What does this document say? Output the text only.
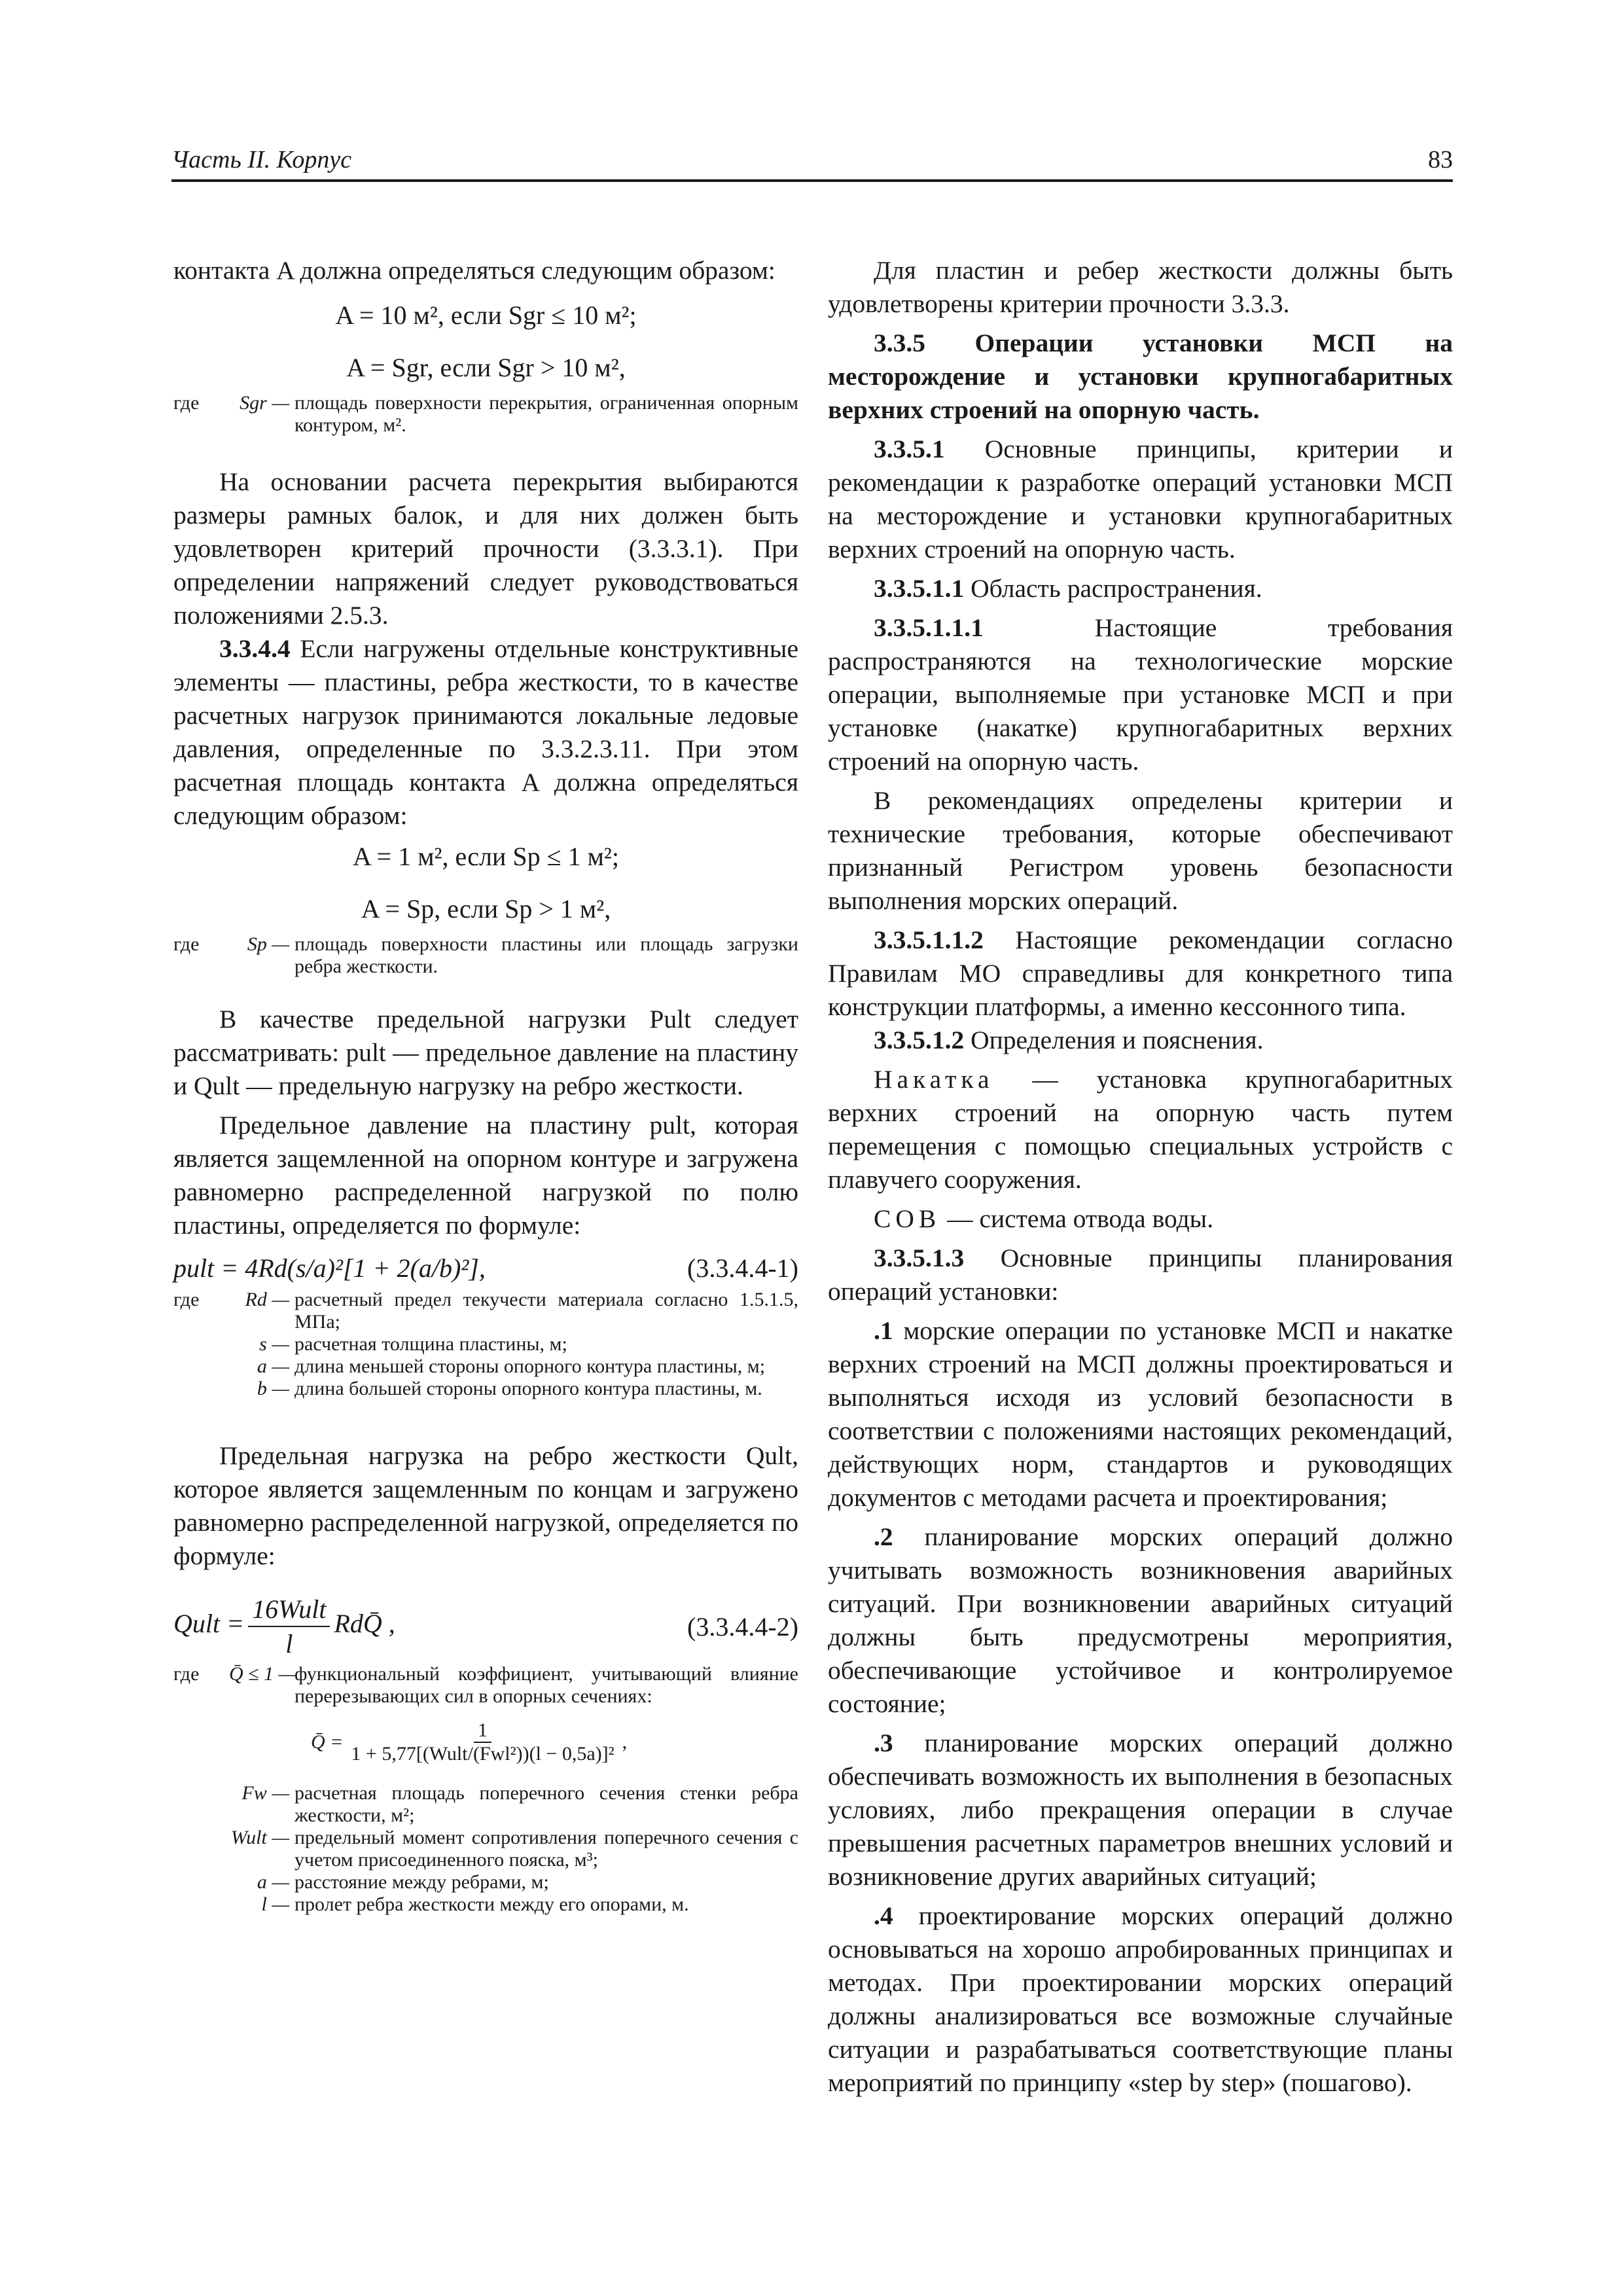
Часть II. Корпус	83

контакта A должна определяться следующим образом:

A = 10 м², если Sgr ≤ 10 м²;

A = Sgr, если Sgr > 10 м²,

где	Sgr — площадь поверхности перекрытия, ограниченная опорным контуром, м².

На основании расчета перекрытия выбираются размеры рамных балок, и для них должен быть удовлетворен критерий прочности (3.3.3.1). При определении напряжений следует руководствоваться положениями 2.5.3.

3.3.4.4 Если нагружены отдельные конструктивные элементы — пластины, ребра жесткости, то в качестве расчетных нагрузок принимаются локальные ледовые давления, определенные по 3.3.2.3.11. При этом расчетная площадь контакта A должна определяться следующим образом:

A = 1 м², если Sp ≤ 1 м²;

A = Sp, если Sp > 1 м²,

где	Sp — площадь поверхности пластины или площадь загрузки ребра жесткости.

В качестве предельной нагрузки Pult следует рассматривать: pult — предельное давление на пластину и Qult — предельную нагрузку на ребро жесткости.

Предельное давление на пластину pult, которая является защемленной на опорном контуре и загружена равномерно распределенной нагрузкой по полю пластины, определяется по формуле:

pult = 4Rd(s/a)²[1 + 2(a/b)²],	(3.3.4.4-1)
где	Rd — расчетный предел текучести материала согласно 1.5.1.5, МПа;
s — расчетная толщина пластины, м;
a — длина меньшей стороны опорного контура пластины, м;
b — длина большей стороны опорного контура пластины, м.

Предельная нагрузка на ребро жесткости Qult, которое является защемленным по концам и загружено равномерно распределенной нагрузкой, определяется по формуле:

Qult = $\frac{\text{16Wult}}{l}$ RdQ̄ ,	(3.3.4.4-2)
где	Q̄ ≤ 1 —
функциональный коэффициент, учитывающий влияние перерезывающих сил в опорных сечениях:
Q̄ = $\frac{1}{\text{1 + 5,77[(Wult/(Fwl²))(l − 0,5a)]²}}$ ,
Fw — расчетная площадь поперечного сечения стенки ребра жесткости, м²;
Wult — предельный момент сопротивления поперечного сечения с учетом присоединенного пояска, м³;
a — расстояние между ребрами, м;
l — пролет ребра жесткости между его опорами, м.

Для пластин и ребер жесткости должны быть удовлетворены критерии прочности 3.3.3.

3.3.5 Операции установки МСП на месторождение и установки крупногабаритных верхних строений на опорную часть.

3.3.5.1 Основные принципы, критерии и рекомендации к разработке операций установки МСП на месторождение и установки крупногабаритных верхних строений на опорную часть.

3.3.5.1.1 Область распространения.

3.3.5.1.1.1	Настоящие требования распространяются на технологические морские операции, выполняемые при установке МСП и при установке (накатке) крупногабаритных верхних строений на опорную часть.

В рекомендациях определены критерии и технические требования, которые обеспечивают признанный Регистром уровень безопасности выполнения морских операций.

3.3.5.1.1.2 Настоящие рекомендации согласно Правилам МО справедливы для конкретного типа конструкции платформы, а именно кессонного типа.

3.3.5.1.2 Определения и пояснения.

Накатка — установка крупногабаритных верхних строений на опорную часть путем перемещения с помощью специальных устройств с плавучего сооружения.

СОВ — система отвода воды.

3.3.5.1.3 Основные принципы планирования операций установки:

.1 морские операции по установке МСП и накатке верхних строений на МСП должны проектироваться и выполняться исходя из условий безопасности в соответствии с положениями настоящих рекомендаций, действующих норм, стандартов и руководящих документов с методами расчета и проектирования;

.2 планирование морских операций должно учитывать возможность возникновения аварийных ситуаций. При возникновении аварийных ситуаций должны быть предусмотрены мероприятия, обеспечивающие устойчивое и контролируемое состояние;

.3 планирование морских операций должно обеспечивать возможность их выполнения в безопасных условиях, либо прекращения операции в случае превышения расчетных параметров внешних условий и возникновение других аварийных ситуаций;

.4 проектирование морских операций должно основываться на хорошо апробированных принципах и методах. При проектировании морских операций должны анализироваться все возможные случайные ситуации и разрабатываться соответствующие планы мероприятий по принципу «step by step» (пошагово).
